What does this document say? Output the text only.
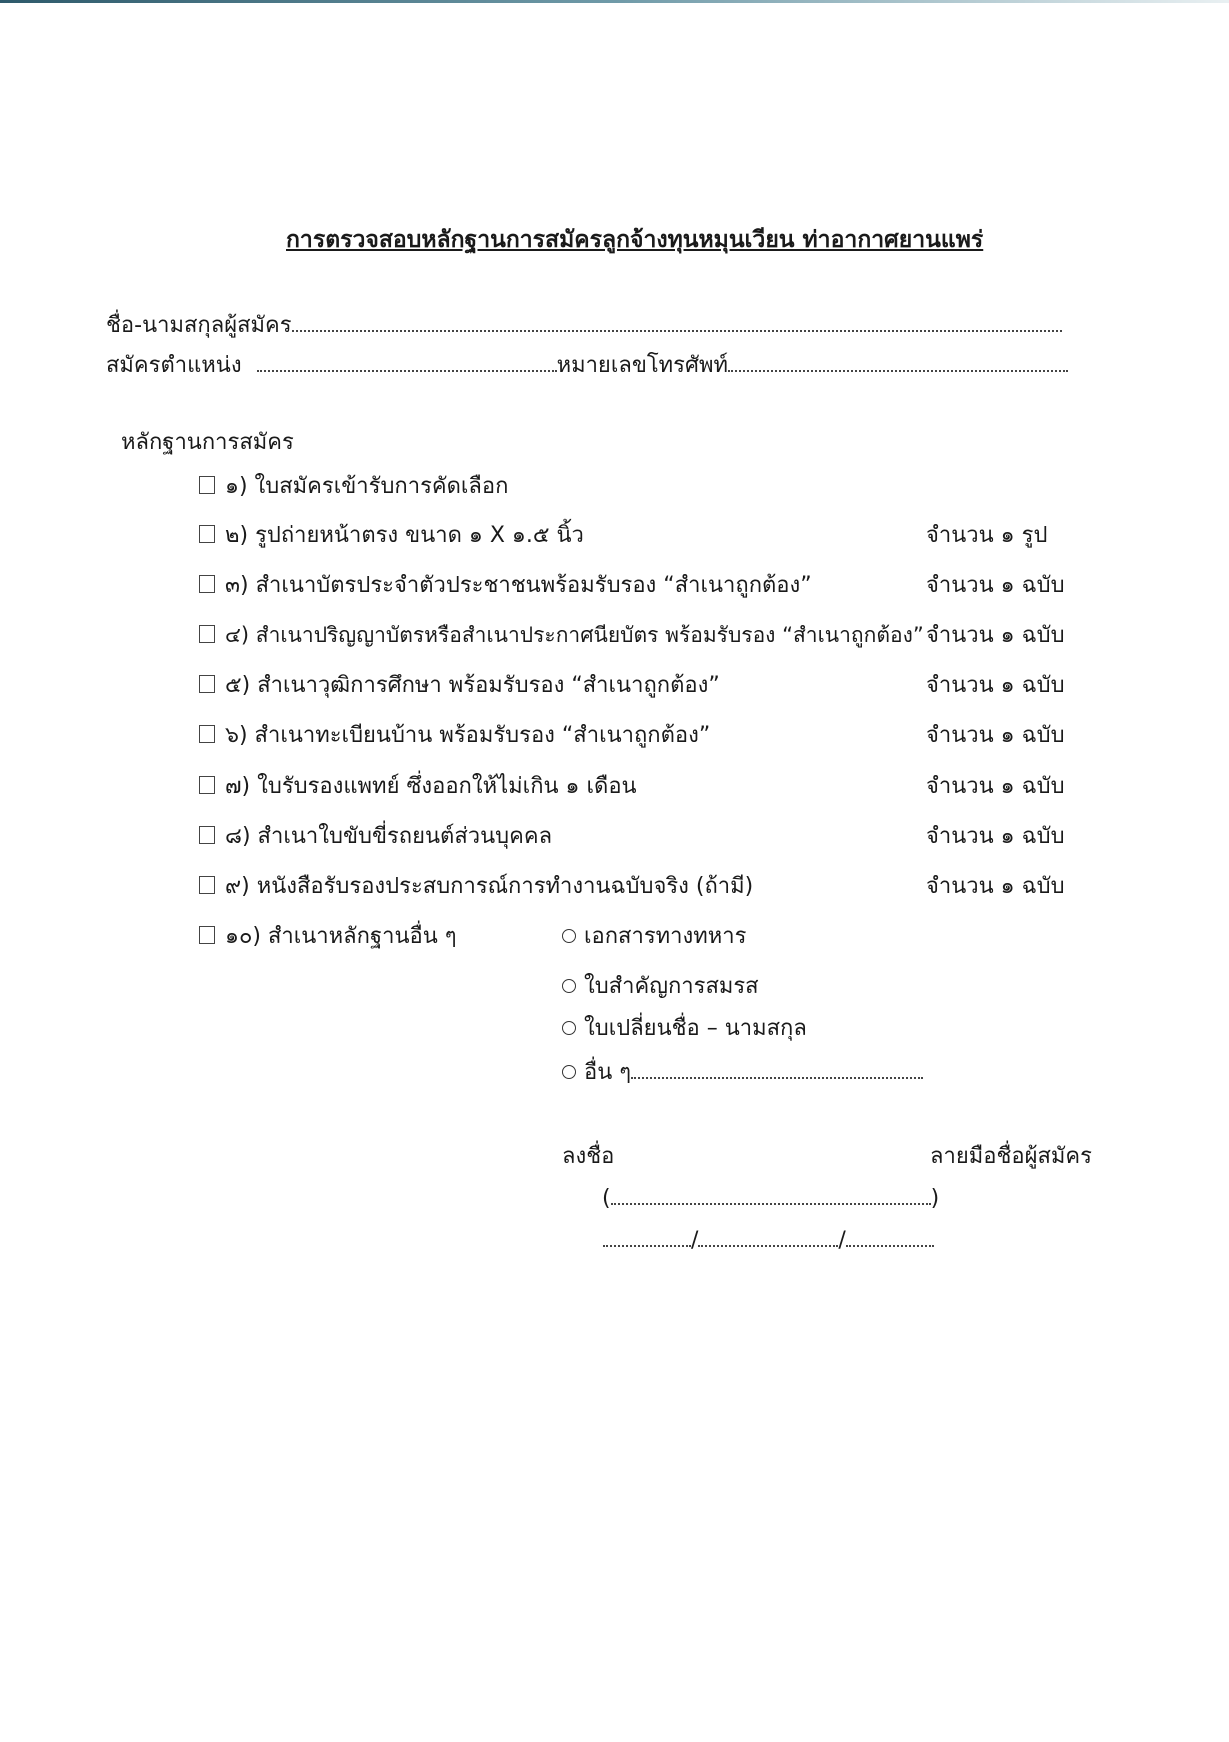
การตรวจสอบหลักฐานการสมัครลูกจ้างทุนหมุนเวียน ท่าอากาศยานแพร่
ชื่อ-นามสกุลผู้สมัคร
สมัครตำแหน่ง	หมายเลขโทรศัพท์
หลักฐานการสมัคร
๑) ใบสมัครเข้ารับการคัดเลือก
๒) รูปถ่ายหน้าตรง ขนาด ๑ X ๑.๕ นิ้ว	จำนวน ๑ รูป
๓) สำเนาบัตรประจำตัวประชาชนพร้อมรับรอง “สำเนาถูกต้อง”	จำนวน ๑ ฉบับ
๔) สำเนาปริญญาบัตรหรือสำเนาประกาศนียบัตร พร้อมรับรอง “สำเนาถูกต้อง” จำนวน ๑ ฉบับ
๕) สำเนาวุฒิการศึกษา พร้อมรับรอง “สำเนาถูกต้อง”	จำนวน ๑ ฉบับ
๖) สำเนาทะเบียนบ้าน พร้อมรับรอง “สำเนาถูกต้อง”	จำนวน ๑ ฉบับ
๗) ใบรับรองแพทย์ ซึ่งออกให้ไม่เกิน ๑ เดือน	จำนวน ๑ ฉบับ
๘) สำเนาใบขับขี่รถยนต์ส่วนบุคคล	จำนวน ๑ ฉบับ
๙) หนังสือรับรองประสบการณ์การทำงานฉบับจริง (ถ้ามี)	จำนวน ๑ ฉบับ
๑๐) สำเนาหลักฐานอื่น ๆ	เอกสารทางทหาร
ใบสำคัญการสมรส
ใบเปลี่ยนชื่อ – นามสกุล
อื่น ๆ
ลงชื่อ	ลายมือชื่อผู้สมัคร
(	)
/	/
